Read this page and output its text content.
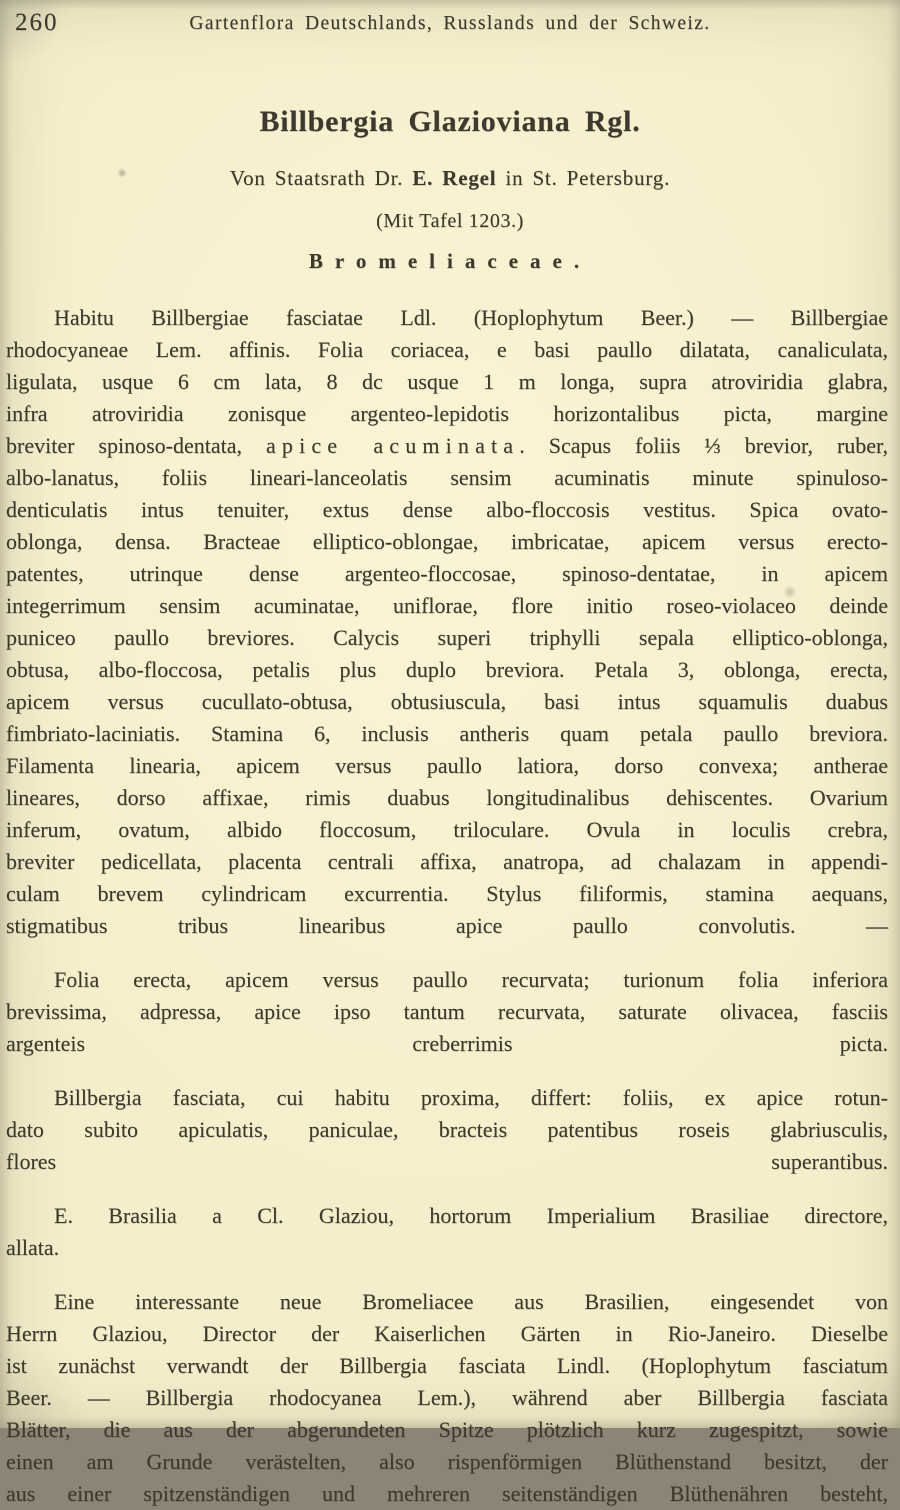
260	Gartenflora Deutschlands, Russlands und der Schweiz.
Billbergia Glazioviana Rgl.
Von Staatsrath Dr. E. Regel in St. Petersburg.
(Mit Tafel 1203.)
Bromeliaceae.

Habitu Billbergiae fasciatae Ldl. (Hoplophytum Beer.) — Billbergiae
rhodocyaneae Lem. affinis. Folia coriacea, e basi paullo dilatata, canaliculata,
ligulata, usque 6 cm lata, 8 dc usque 1 m longa, supra atroviridia glabra,
infra atroviridia zonisque argenteo-lepidotis horizontalibus picta, margine
breviter spinoso-dentata, apice acuminata. Scapus foliis ⅓ brevior, ruber,
albo-lanatus, foliis lineari-lanceolatis sensim acuminatis minute spinuloso-
denticulatis intus tenuiter, extus dense albo-floccosis vestitus. Spica ovato-
oblonga, densa. Bracteae elliptico-oblongae, imbricatae, apicem versus erecto-
patentes, utrinque dense argenteo-floccosae, spinoso-dentatae, in apicem
integerrimum sensim acuminatae, uniflorae, flore initio roseo-violaceo deinde
puniceo paullo breviores. Calycis superi triphylli sepala elliptico-oblonga,
obtusa, albo-floccosa, petalis plus duplo breviora. Petala 3, oblonga, erecta,
apicem versus cucullato-obtusa, obtusiuscula, basi intus squamulis duabus
fimbriato-laciniatis. Stamina 6, inclusis antheris quam petala paullo breviora.
Filamenta linearia, apicem versus paullo latiora, dorso convexa; antherae
lineares, dorso affixae, rimis duabus longitudinalibus dehiscentes. Ovarium
inferum, ovatum, albido floccosum, triloculare. Ovula in loculis crebra,
breviter pedicellata, placenta centrali affixa, anatropa, ad chalazam in appendi-
culam brevem cylindricam excurrentia. Stylus filiformis, stamina aequans,
stigmatibus tribus linearibus apice paullo convolutis. —

Folia erecta, apicem versus paullo recurvata; turionum folia inferiora
brevissima, adpressa, apice ipso tantum recurvata, saturate olivacea, fasciis
argenteis creberrimis picta.

Billbergia fasciata, cui habitu proxima, differt: foliis, ex apice rotun-
dato subito apiculatis, paniculae, bracteis patentibus roseis glabriusculis,
flores superantibus.

E. Brasilia a Cl. Glaziou, hortorum Imperialium Brasiliae directore,
allata.

Eine interessante neue Bromeliacee aus Brasilien, eingesendet von
Herrn Glaziou, Director der Kaiserlichen Gärten in Rio-Janeiro. Dieselbe
ist zunächst verwandt der Billbergia fasciata Lindl. (Hoplophytum fasciatum
Beer. — Billbergia rhodocyanea Lem.), während aber Billbergia fasciata
Blätter, die aus der abgerundeten Spitze plötzlich kurz zugespitzt, sowie
einen am Grunde verästelten, also rispenförmigen Blüthenstand besitzt, der
aus einer spitzenständigen und mehreren seitenständigen Blüthenähren besteht,
